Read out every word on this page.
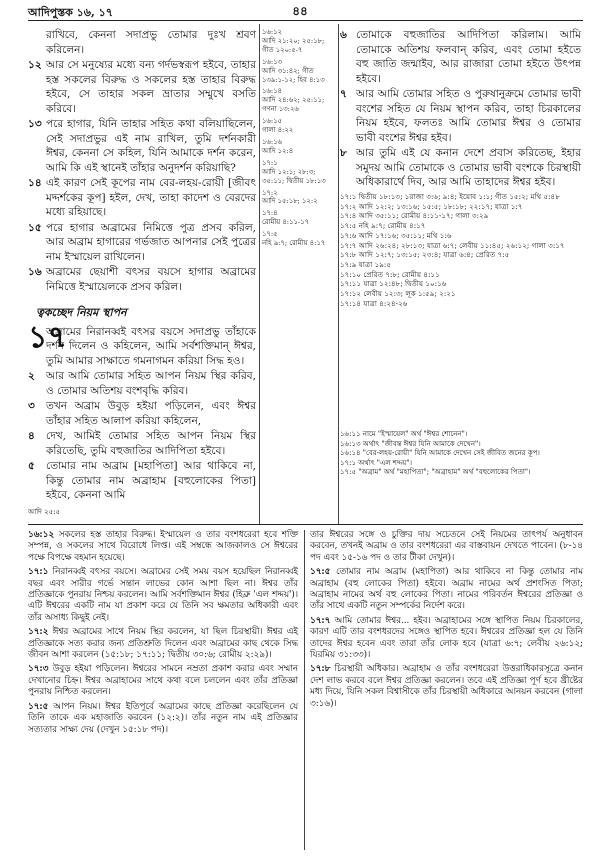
আদিপুস্তক ১৬, ১৭	৪৪
রাখিবে, কেননা সদাপ্রভু তোমার দুঃখ শ্রবণ করিলেন।
১২ আর সে মনুষ্যের মধ্যে বন্য গর্দভস্বরূপ হইবে, তাহার হস্ত সকলের বিরুদ্ধ ও সকলের হস্ত তাহার বিরুদ্ধ হইবে, সে তাহার সকল ভ্রাতার সম্মুখে বসতি করিবে।
১৩ পরে হাগার, যিনি তাহার সহিত কথা বলিয়াছিলেন, সেই সদাপ্রভুর এই নাম রাখিল, তুমি দর্শনকারী ঈশ্বর, কেননা সে কহিল, যিনি আমাকে দর্শন করেন, আমি কি এই স্থানেই তাঁহার অনুদর্শন করিয়াছি?
১৪ এই কারণ সেই কূপের নাম বের-লহয়-রোয়ী [জীবৎ মদ্দর্শকের কূপ] হইল, দেখ, তাহা কাদেশ ও বেরদের মধ্যে রহিয়াছে।
১৫ পরে হাগার অব্রামের নিমিত্তে পুত্র প্রসব করিল, আর অব্রাম হাগারের গর্ভজাত আপনার সেই পুত্রের নাম ইস্মায়েল রাখিলেন।
১৬ অব্রামের ছেয়াশী বৎসর বয়সে হাগার অব্রামের নিমিত্তে ইস্মায়েলকে প্রসব করিল।
ত্বকচ্ছেদ নিয়ম স্থাপন
১৭
অব্রামের নিরানব্বই বৎসর বয়সে সদাপ্রভু তাঁহাকে দর্শন দিলেন ও কহিলেন, আমি সর্বশক্তিমান্‌ ঈশ্বর, তুমি আমার সাক্ষাতে গমনাগমন করিয়া সিদ্ধ হও।
২ আর আমি তোমার সহিত আপন নিয়ম স্থির করিব, ও তোমার অতিশয় বংশবৃদ্ধি করিব।
৩ তখন অব্রাম উবুড় হইয়া পড়িলেন, এবং ঈশ্বর তাঁহার সহিত আলাপ করিয়া কহিলেন,
৪ দেখ, আমিই তোমার সহিত আপন নিয়ম স্থির করিতেছি, তুমি বহুজাতির আদিপিতা হইবে।
৫ তোমার নাম অব্রাম [মহাপিতা] আর থাকিবে না, কিন্তু তোমার নাম অব্রাহাম [বহুলোকের পিতা] হইবে, কেননা আমি
আদি ২৫:৫
১৬:১২
আদি ২১:২০; ২৫:১৮; গীত ১২০:৫-৭
১৬:১৩
আদি ৩১:৪২; গীত ১৩৯:১-১২; হিব ৪:১৩
১৬:১৪
আদি ২৪:৬২; ২৫:১১; গণনা ১৩:২৬
১৬:১৫
গালা ৪:২২
১৬:১৬
আদি ১২:৪
১৭:১
আদি ১২:১; ২৮:৩; ৩৫:১১; দ্বিতীয় ১৮:১৩
১৭:২
আদি ১৫:১৮; ১২:২
১৭:৪
রোমীয় ৪:১১-১৭
১৭:৫
নহি ৯:৭; রোমীয় ৪:১৭
৬ তোমাকে বহুজাতির আদিপিতা করিলাম। আমি তোমাকে অতিশয় ফলবান্‌ করিব, এবং তোমা হইতে বহু জাতি জন্মাইব, আর রাজারা তোমা হইতে উৎপন্ন হইবে।
৭ আর আমি তোমার সহিত ও পুরুষানুক্রমে তোমার ভাবী বংশের সহিত যে নিয়ম স্থাপন করিব, তাহা চিরকালের নিয়ম হইবে, ফলতঃ আমি তোমার ঈশ্বর ও তোমার ভাবী বংশের ঈশ্বর হইব।
৮ আর তুমি এই যে কনান দেশে প্রবাস করিতেছ, ইহার সমুদয় আমি তোমাকে ও তোমার ভাবী বংশকে চিরস্থায়ী অধিকারার্থে দিব, আর আমি তাহাদের ঈশ্বর হইব।
১৭:১ দ্বিতীয় ১৮:১৩; ১রাজা ৩:৬; ৯:৪; ইয়োব ১:১; গীত ১৫:২; মথি ৫:৪৮
১৭:২ আদি ১২:২; ১৩:১৬; ১৫:৫; ১৮:১৮; ২২:১৭; যাত্রা ১:৭
১৭:৪ আদি ৩৫:১১; রোমীয় ৪:১১-১৭; গালা ৩:২৯
১৭:৫ নহি ৯:৭; রোমীয় ৪:১৭
১৭:৬ আদি ১৭:১৬; ৩৫:১১; মথি ১:৬
১৭:৭ আদি ২৬:২৪; ২৮:১৩; যাত্রা ৬:৭; লেবীয় ১১:৪৫; ২৬:১২; গালা ৩:১৭
১৭:৮ আদি ১২:৭; ১৩:১৫; ২৩:৪; যাত্রা ৬:৪; প্রেরিত ৭:৫
১৭:৯ যাত্রা ১৯:৫
১৭:১০ প্রেরিত ৭:৮; রোমীয় ৪:১১
১৭:১১ যাত্রা ১২:৪৮; দ্বিতীয় ১০:১৬
১৭:১২ লেবীয় ১২:৩; লূক ১:৫৯; ২:২১
১৭:১৪ যাত্রা ৪:২৪-২৬
১৬:১১ নামে "ইস্মায়েল" অর্থ "ঈশ্বর শোনেন"।
১৬:১৩ অর্থাৎ "জীবন্ত ঈশ্বর যিনি আমাকে দেখেন"।
১৬:১৪ "বের-লহয়-রোয়ী" যিনি আমাকে দেখেন সেই জীবিত জনের কূপ।
১৭:১ অর্থাৎ "এল শদ্দয়"।
১৭:৫ "অব্রাম" অর্থ "মহাপিতা"; "অব্রাহাম" অর্থ "বহুলোকের পিতা"।

১৬:১২ সকলের হস্ত তাহার বিরুদ্ধ। ইস্মায়েল ও তার বংশধরেরা হবে শক্তি সম্পন্ন, ও সকলের সাথে বিরোধে লিপ্ত। এই সম্বন্ধে আজকালও সে ঈশ্বরের পক্ষে বিপক্ষে বহমান হয়েছে।

১৭:১ নিরানব্বই বৎসর বয়সে। অব্রামের সেই সময় বয়স হয়েছিল নিরানব্বই বছর এবং সারীর গর্ভে সন্তান লাভের কোন আশা ছিল না। ঈশ্বর তাঁর প্রতিজ্ঞাকে পুনরায় নিশ্চয় করলেন। আমি সর্বশক্তিমান ঈশ্বর (হিব্রু 'এল শদ্দয়')। এটি ঈশ্বরের একটি নাম যা প্রকাশ করে যে তিনি সব ক্ষমতার অধিকারী এবং তাঁর অসাধ্য কিছুই নেই।

১৭:২ ঈশ্বর অব্রামের সাথে নিয়ম স্থির করলেন, যা ছিল চিরস্থায়ী। ঈশ্বর এই প্রতিজ্ঞাকে সত্য করার জন্য প্রতিশ্রুতি দিলেন এবং অব্রামের কাছ থেকে সিদ্ধ জীবন আশা করলেন (১৫:১৮; ১৭:১১; দ্বিতীয় ৩০:৬; রোমীয় ২:২৯)।

১৭:৩ উবুড় হইয়া পড়িলেন। ঈশ্বরের সামনে নম্রতা প্রকাশ করার এবং সম্মান দেখানোর চিহ্ন। ঈশ্বর অব্রাহামের সাথে কথা বলে চললেন এবং তাঁর প্রতিজ্ঞা পুনরায় নিশ্চিত করলেন।

১৭:৫ আপন নিয়ম। ঈশ্বর ইতিপূর্বে অব্রামের কাছে প্রতিজ্ঞা করেছিলেন যে তিনি তাকে এক মহাজাতি করবেন (১২:২)। তাঁর নতুন নাম এই প্রতিজ্ঞার সত্যতার সাক্ষ্য দেয় (দেখুন ১৫:১৮ পদ)।

তার ঈশ্বরের সঙ্গে ও চুক্তির দায় সচেতনে সেই নিয়মের তাৎপর্য অনুধাবন করবেন, তখনই অব্রাম ও তার বংশধরেরা এর বাস্তবায়ন দেখতে পাবেন। (৮-১৪ পদ এবং ১৫-১৬ পদ ও তার টীকা দেখুন)।

১৭:৫ তোমার নাম অব্রাম (মহাপিতা) আর থাকিবে না কিন্তু তোমার নাম অব্রাহাম (বহু লোকের পিতা) হইবে। অব্রাম নামের অর্থ প্রশংসিত পিতা; অব্রাহাম নামের অর্থ বহু লোকের পিতা। নামের পরিবর্তন ঈশ্বরের প্রতিজ্ঞা ও তাঁর সাথে একটি নতুন সম্পর্কের নির্দেশ করে।

১৭:৭ আমি তোমার ঈশ্বর... হইব। অব্রাহামের সঙ্গে স্থাপিত নিয়ম চিরকালের, কারণ এটি তার বংশধরদের সঙ্গেও স্থাপিত হবে। ঈশ্বরের প্রতিজ্ঞা হল যে তিনি তাদের ঈশ্বর হবেন এবং তারা তাঁর লোক হবে (যাত্রা ৬:৭; লেবীয় ২৬:১২; যিরমিয় ৩১:৩৩)।

১৭:৮ চিরস্থায়ী অধিকার। অব্রাহাম ও তাঁর বংশধরেরা উত্তরাধিকারসূত্রে কনান দেশ লাভ করবে বলে ঈশ্বর প্রতিজ্ঞা করলেন। তবে এই প্রতিজ্ঞা পূর্ণ হবে খ্রীষ্টের মধ্য দিয়ে, যিনি সকল বিশ্বাসীকে তাঁর চিরস্থায়ী অধিকারে আনয়ন করবেন (গালা ৩:১৬)।
